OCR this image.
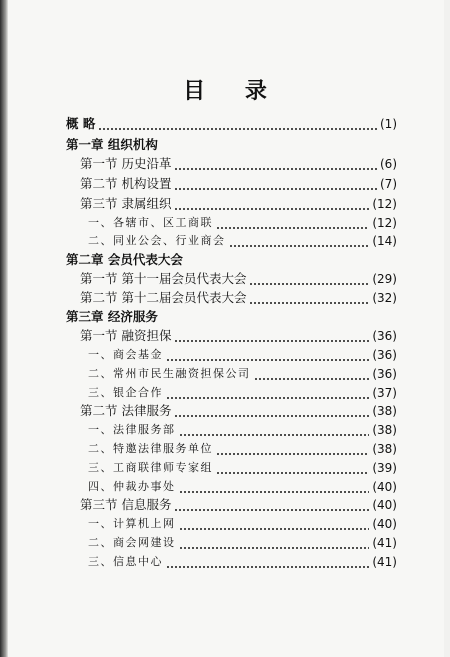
目 录
概 略	(1)
第一章 组织机构
第一节 历史沿革	(6)
第二节 机构设置	(7)
第三节 隶属组织	(12)
一、各辖市、区工商联	(12)
二、同业公会、行业商会	(14)
第二章 会员代表大会
第一节 第十一届会员代表大会	(29)
第二节 第十二届会员代表大会	(32)
第三章 经济服务
第一节 融资担保	(36)
一、商会基金	(36)
二、常州市民生融资担保公司	(36)
三、银企合作	(37)
第二节 法律服务	(38)
一、法律服务部	(38)
二、特邀法律服务单位	(38)
三、工商联律师专家组	(39)
四、仲裁办事处	(40)
第三节 信息服务	(40)
一、计算机上网	(40)
二、商会网建设	(41)
三、信息中心	(41)
